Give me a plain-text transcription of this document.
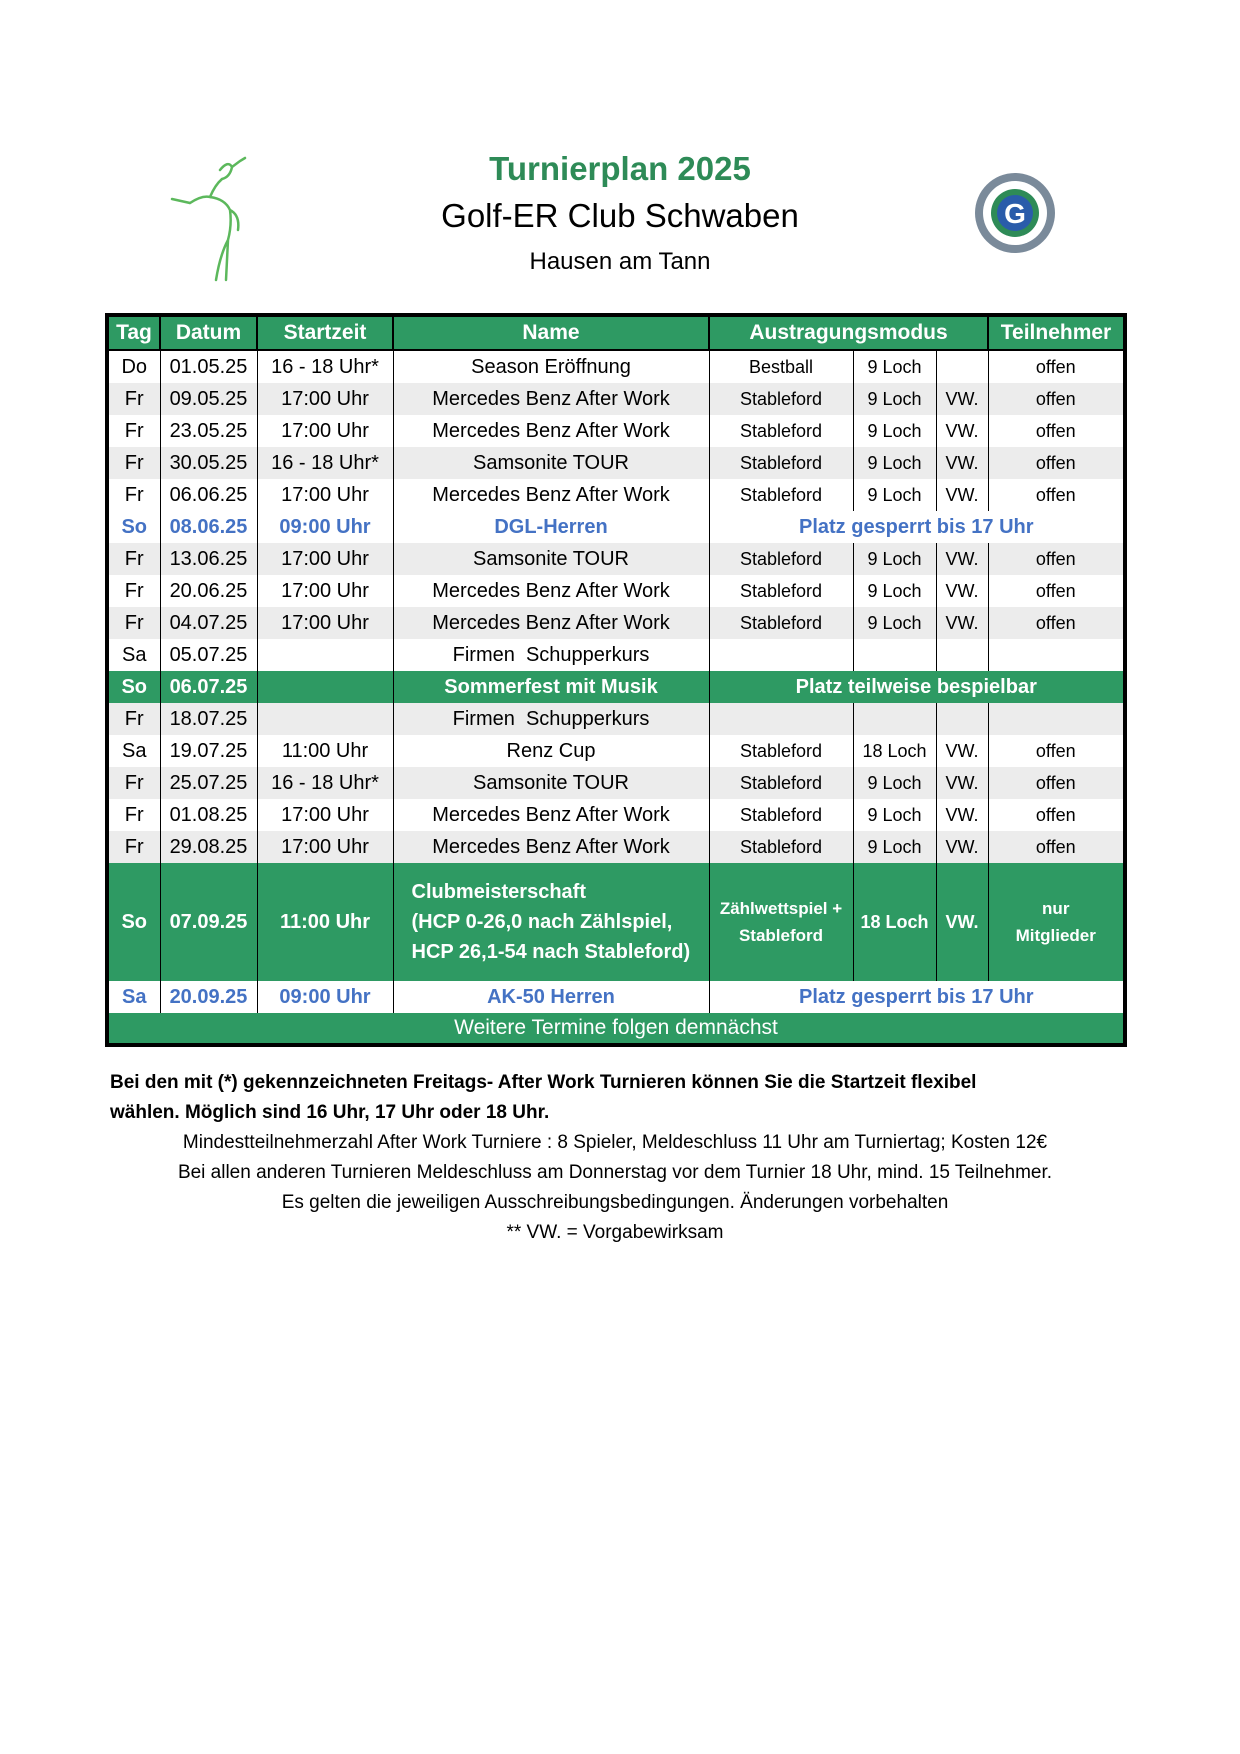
Turnierplan 2025
Golf-ER Club Schwaben
Hausen am Tann
G
Tag	Datum	Startzeit	Name	Austragungsmodus			Teilnehmer
Do	01.05.25	16 - 18 Uhr*	Season Eröffnung	Bestball	9 Loch		offen
Fr	09.05.25	17:00 Uhr	Mercedes Benz After Work	Stableford	9 Loch	VW.	offen
Fr	23.05.25	17:00 Uhr	Mercedes Benz After Work	Stableford	9 Loch	VW.	offen
Fr	30.05.25	16 - 18 Uhr*	Samsonite TOUR	Stableford	9 Loch	VW.	offen
Fr	06.06.25	17:00 Uhr	Mercedes Benz After Work	Stableford	9 Loch	VW.	offen
So	08.06.25	09:00 Uhr	DGL-Herren	Platz gesperrt bis 17 Uhr			
Fr	13.06.25	17:00 Uhr	Samsonite TOUR	Stableford	9 Loch	VW.	offen
Fr	20.06.25	17:00 Uhr	Mercedes Benz After Work	Stableford	9 Loch	VW.	offen
Fr	04.07.25	17:00 Uhr	Mercedes Benz After Work	Stableford	9 Loch	VW.	offen
Sa	05.07.25		Firmen  Schupperkurs				
So	06.07.25		Sommerfest mit Musik	Platz teilweise bespielbar			
Fr	18.07.25		Firmen  Schupperkurs				
Sa	19.07.25	11:00 Uhr	Renz Cup	Stableford	18 Loch	VW.	offen
Fr	25.07.25	16 - 18 Uhr*	Samsonite TOUR	Stableford	9 Loch	VW.	offen
Fr	01.08.25	17:00 Uhr	Mercedes Benz After Work	Stableford	9 Loch	VW.	offen
Fr	29.08.25	17:00 Uhr	Mercedes Benz After Work	Stableford	9 Loch	VW.	offen
So	07.09.25	11:00 Uhr	Clubmeisterschaft
(HCP 0-26,0 nach Zählspiel,
HCP 26,1-54 nach Stableford)	Zählwettspiel +
Stableford	18 Loch	VW.	nur
Mitglieder

Sa	20.09.25	09:00 Uhr	AK-50 Herren	Platz gesperrt bis 17 Uhr			
Weitere Termine folgen demnächst							
Bei den mit (*) gekennzeichneten Freitags- After Work Turnieren können Sie die Startzeit flexibel
wählen. Möglich sind 16 Uhr, 17 Uhr oder 18 Uhr.
Mindestteilnehmerzahl After Work Turniere : 8 Spieler, Meldeschluss 11 Uhr am Turniertag; Kosten 12€
Bei allen anderen Turnieren Meldeschluss am Donnerstag vor dem Turnier 18 Uhr, mind. 15 Teilnehmer.
Es gelten die jeweiligen Ausschreibungsbedingungen. Änderungen vorbehalten
** VW. = Vorgabewirksam
